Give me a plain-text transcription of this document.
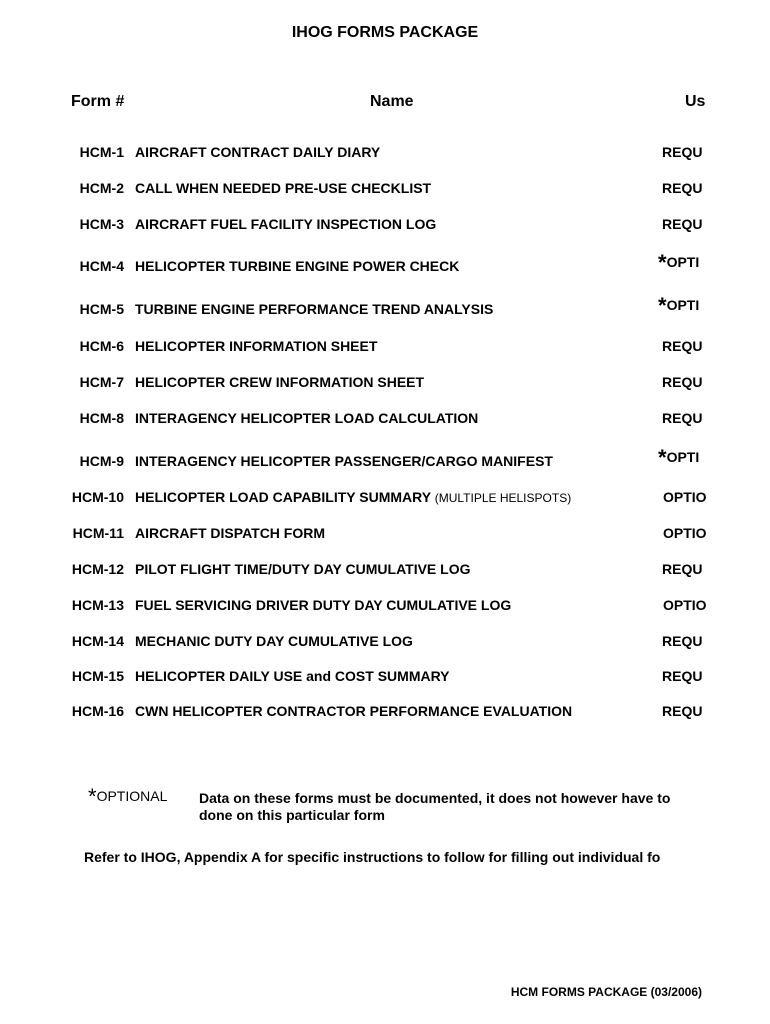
IHOG FORMS PACKAGE
Form #	Name	Us
HCM-1 AIRCRAFT CONTRACT DAILY DIARY	REQU
HCM-2 CALL WHEN NEEDED PRE-USE CHECKLIST	REQU
HCM-3 AIRCRAFT FUEL FACILITY INSPECTION LOG	REQU
HCM-4 HELICOPTER TURBINE ENGINE POWER CHECK	*OPTI
HCM-5 TURBINE ENGINE PERFORMANCE TREND ANALYSIS	*OPTI
HCM-6 HELICOPTER INFORMATION SHEET	REQU
HCM-7 HELICOPTER CREW INFORMATION SHEET	REQU
HCM-8 INTERAGENCY HELICOPTER LOAD CALCULATION	REQU
HCM-9 INTERAGENCY HELICOPTER PASSENGER/CARGO MANIFEST	*OPTI
HCM-10 HELICOPTER LOAD CAPABILITY SUMMARY (MULTIPLE HELISPOTS)	OPTIO
HCM-11 AIRCRAFT DISPATCH FORM	OPTIO
HCM-12 PILOT FLIGHT TIME/DUTY DAY CUMULATIVE LOG	REQU
HCM-13 FUEL SERVICING DRIVER DUTY DAY CUMULATIVE LOG	OPTIO
HCM-14 MECHANIC DUTY DAY CUMULATIVE LOG	REQU
HCM-15 HELICOPTER DAILY USE and COST SUMMARY	REQU
HCM-16 CWN HELICOPTER CONTRACTOR PERFORMANCE EVALUATION	REQU
*OPTIONAL Data on these forms must be documented, it does not however have to
done on this particular form
Refer to IHOG, Appendix A for specific instructions to follow for filling out individual fo
HCM FORMS PACKAGE (03/2006)
